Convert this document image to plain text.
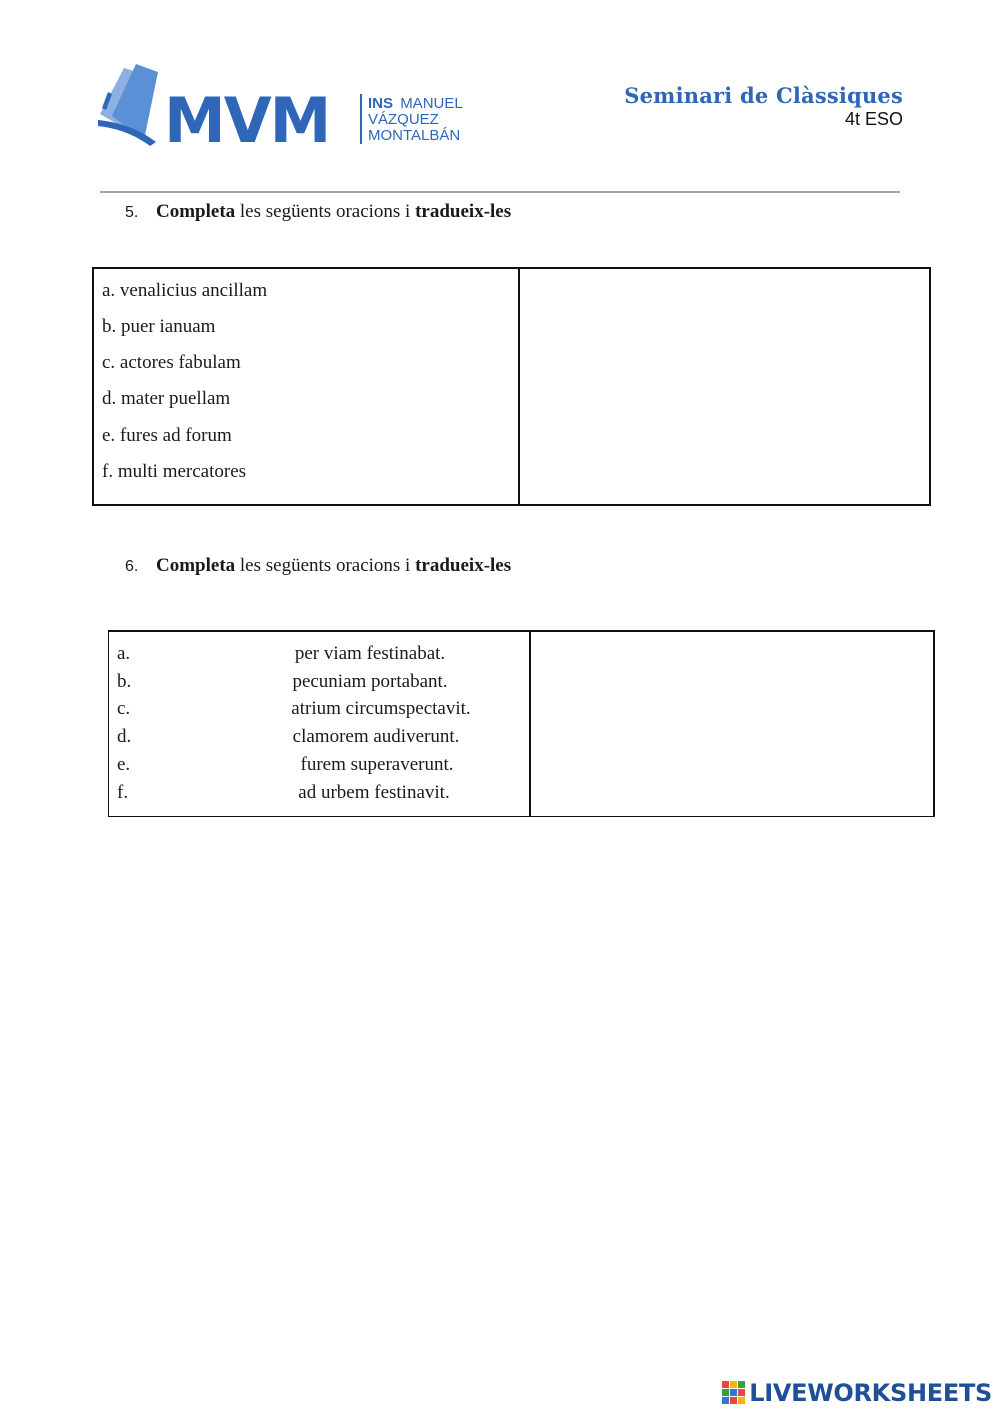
MVM	INS MANUEL
VÁZQUEZ
MONTALBÁN
Seminari de Clàssiques
4t ESO
5. Completa les següents oracions i tradueix-les
a. venalicius ancillam
b. puer ianuam
c. actores fabulam
d. mater puellam
e. fures ad forum
f. multi mercatores
6. Completa les següents oracions i tradueix-les
a.	per viam festinabat.
b.	pecuniam portabant.
c.	atrium circumspectavit.
d.	clamorem audiverunt.
e.	furem superaverunt.
f.	ad urbem festinavit.
LIVEWORKSHEETS
